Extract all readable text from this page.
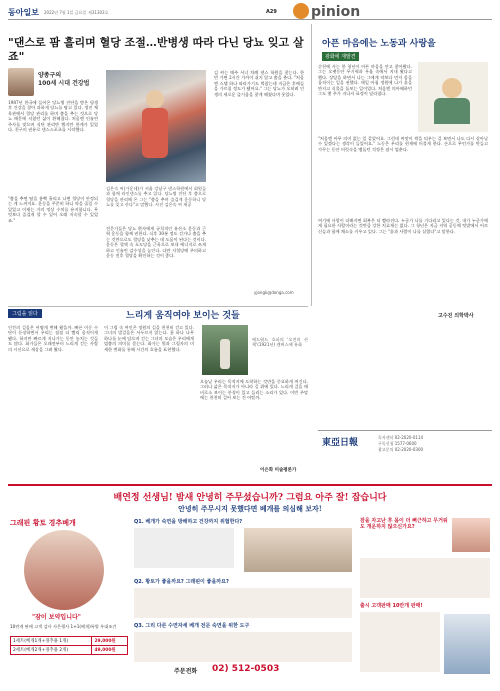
동아일보 2022년 7월 1일 금요일 제31303호	A29 pinion
"댄스로 팜 흘리며 혈당 조절…반병생 따라 다닌 당뇨 잊고 살죠"
양종구의
100세 시대 건강법
1987년 한국에 들어온 당뇨병 진단을 받은 평생 후 건강을 찾아 과하게 당뇨를 탐고 있다. 정진 체육관에서 혈당 관리를 하며 춤을 추는 것으로 당뇨 때문에 지쳤던 삶이 환해졌다. 처음엔 인슐린 주사를 맞으며 식단 관리만 했지만 한계가 있었다. 친구의 권유로 댄스스포츠를 시작했다.
"춤을 추면 땀을 흠뻑 흘리고 나면 혈당이 안정되는 게 느껴져요. 운동을 꾸준히 하니 약을 줄일 수 있었고 이제는 거의 정상 수치를 유지합니다. 무엇보다 즐겁게 할 수 있어 오래 지속할 수 있었죠."
김은숙 씨(가운데)가 서울 강남구 댄스학원에서 회원들과 함께 라인댄스를 추고 있다. 당뇨병 진단 후 춤으로 혈당을 관리해 온 그는 "춤을 추며 즐겁게 운동하니 당뇨를 잊고 산다"고 말했다. 사진 김은숙 씨 제공
전문가들은 당뇨 환자에게 규칙적인 유산소 운동과 근력 운동을 함께 권한다. 식후 30분 정도 걷거나 춤을 추는 것만으로도 혈당을 낮추는 데 도움이 된다는 것이다. 운동은 혈액 속 포도당을 근육으로 보내 에너지로 쓰게 하고 인슐린 감수성을 높인다. 다만 저혈당에 주의하고 운동 전후 혈당을 확인하는 것이 좋다.
김 씨는 매주 서너 차례 댄스 학원을 찾는다. 한 번 가면 2시간 가까이 쉬지 않고 춤을 춘다. "처음엔 스텝 하나 따라가기도 벅찼는데 지금은 후배들을 가르칠 정도가 됐어요." 그는 당뇨가 오히려 인생의 새로운 즐거움을 찾게 해줬다며 웃었다.
yjongk@donga.com
아픈 마음에는 노동과 사랑을
광화에 재발견
순천에 사는 한 청년이 아픈 마음을 안고 찾아왔다. 그는 오랫동안 무기력과 우울 속에서 지내 왔다고 했다. 상담을 하면서 나는 그에게 약보다 먼저 몸을 움직이는 일을 권했다. 매일 아침 정원에 나가 흙을 만지고 식물을 돌보는 일이었다. 처음엔 의아해하던 그도 몇 주가 지나자 표정이 달라졌다.
"처음엔 아무 의미 없는 일 같았어요. 그런데 씨앗이 싹을 틔우는 걸 보면서 나도 다시 살아날 수 있겠다는 생각이 들었어요." 노동은 우리를 현재에 머물게 한다. 손으로 무언가를 만들고 가꾸는 동안 머릿속을 맴돌던 걱정은 잠시 멈춘다.
여기에 사랑이 더해지면 회복은 더 빨라진다. 누군가 나를 기다리고 있다는 것, 내가 누군가에게 필요한 사람이라는 것만큼 강한 치료제는 없다. 그 청년은 지금 지역 공동체 텃밭에서 어르신들과 함께 채소를 키우고 있다. 그는 "흙과 사람이 나를 살렸다"고 말한다.
고수진 의학박사
그림을 읽다	느리게 움직여야 보이는 것들
인간의 걸음은 어떻게 변해 왔을까. 빠른 이동 수단이 등장하면서 우리는 점점 더 빨리 움직이게 됐다. 하지만 빠르게 지나가는 동안 놓치는 것들도 많다. 화가들은 오래전부터 느리게 걷는 사람의 시선으로 세상을 그려 왔다.
이 그림 속 여인은 정원의 길을 천천히 걷고 있다. 그녀의 발걸음은 서두르지 않는다. 꽃 하나 나무 하나를 눈에 담으며 걷는 그녀의 모습은 우리에게 멈춤의 의미를 묻는다. 화가는 빛과 그림자의 미세한 변화를 통해 시간의 흐름을 표현했다.
오늘날 우리는 목적지에 도착하는 것만을 중요하게 여긴다. 그러나 삶은 목적지가 아니라 길 위에 있다. 느리게 걸을 때 비로소 보이는 풍경이 있고 들리는 소리가 있다. 이번 주말에는 천천히 걸어 보는 건 어떨까.
에드워드 호퍼의 '오전의 산책'(1921년) 캔버스에 유화
이은화 미술평론가
東亞日報
독자센터 02-2020-0114
구독신청 1577-0600
광고문의 02-2020-0300
배연정 선생님! 밤새 안녕히 주무셨습니까? 그럼요 아주 잘! 잡습니다
안녕히 주무시지 못했다면 베개를 의심해 보자!
그래핀 황토 경추베개
"잠이 보약입니다"
10만개 판매 고객 감사 사은행사 1+1(베개)특별 우대조건
1세트(베개1개+경추용 1개)	29,000원
2세트(베개2개+경추용 2개)	49,000원
Q1. 베개가 숙면을 방해하고 건강까지 위협한다?
Q2. 황토가 좋을까요? 그래핀이 좋을까요?
Q3. 그리 다른 수면자세 베개 전문 숙면을 위한 도구
주문전화 02) 512-0503
잠을 자고난 후 몸이 더 뻐근하고 무거워도 개운하지 않으신가요?
출시 고객판매 10만개 판매!
